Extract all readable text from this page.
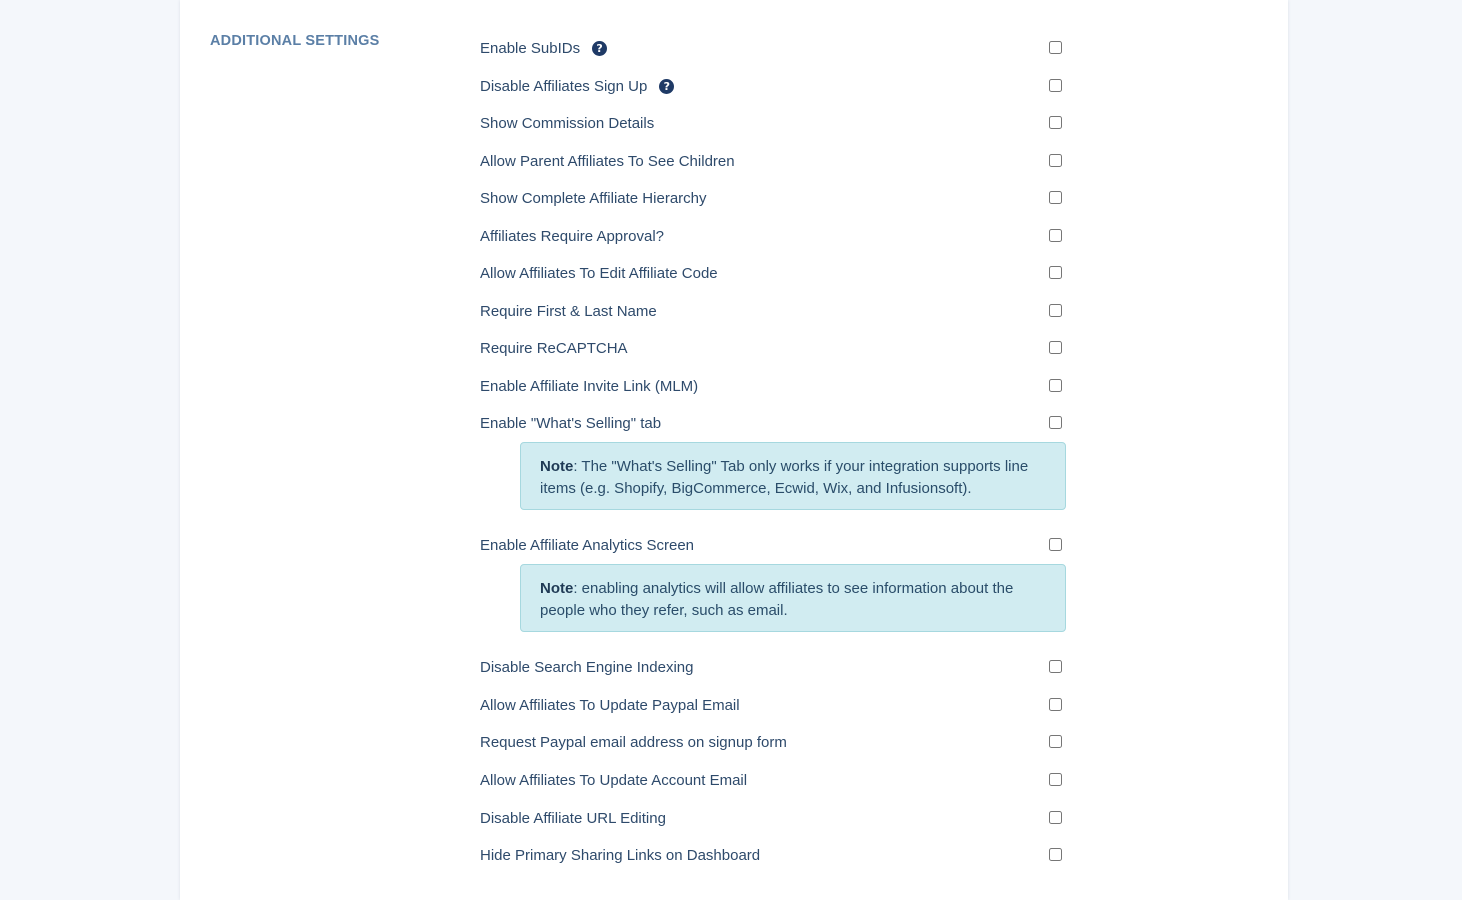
ADDITIONAL SETTINGS	Enable SubIDs ?
Disable Affiliates Sign Up ?
Show Commission Details
Allow Parent Affiliates To See Children
Show Complete Affiliate Hierarchy
Affiliates Require Approval?
Allow Affiliates To Edit Affiliate Code
Require First & Last Name
Require ReCAPTCHA
Enable Affiliate Invite Link (MLM)
Enable "What's Selling" tab
Note: The "What's Selling" Tab only works if your integration supports line items (e.g. Shopify, BigCommerce, Ecwid, Wix, and Infusionsoft).
Enable Affiliate Analytics Screen
Note: enabling analytics will allow affiliates to see information about the people who they refer, such as email.
Disable Search Engine Indexing
Allow Affiliates To Update Paypal Email
Request Paypal email address on signup form
Allow Affiliates To Update Account Email
Disable Affiliate URL Editing
Hide Primary Sharing Links on Dashboard
